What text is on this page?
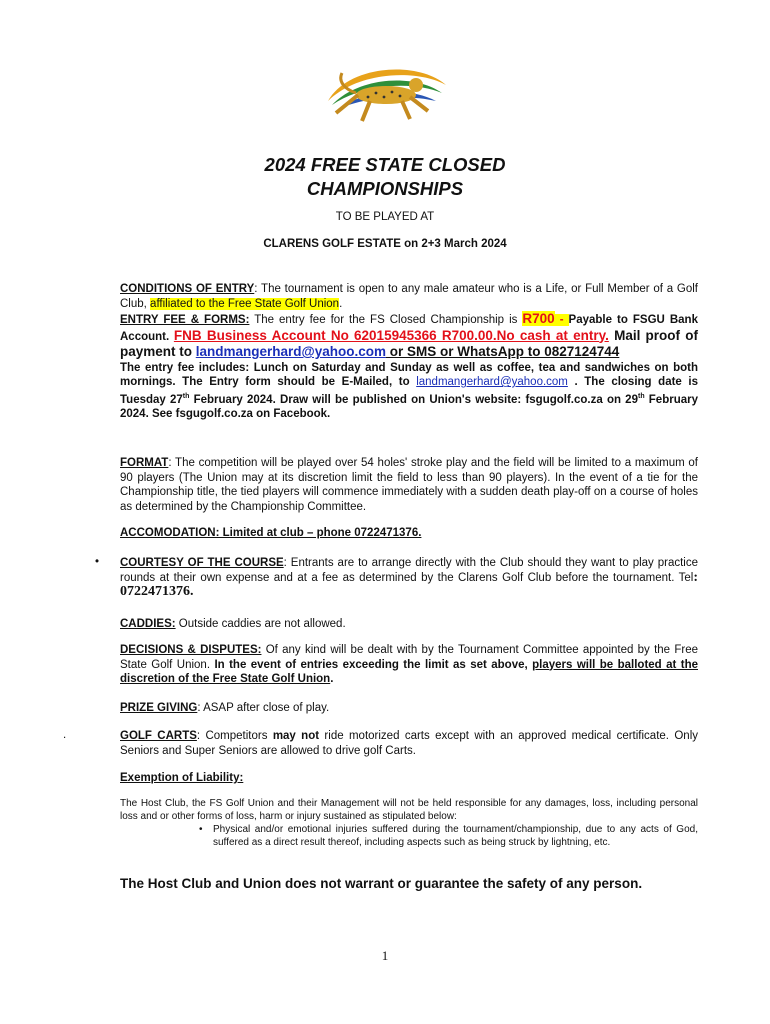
2024 FREE STATE CLOSED
CHAMPIONSHIPS
TO BE PLAYED AT
CLARENS GOLF ESTATE on 2+3 March 2024
CONDITIONS OF ENTRY: The tournament is open to any male amateur who is a Life, or Full Member of a Golf Club, affiliated to the Free State Golf Union.
ENTRY FEE & FORMS: The entry fee for the FS Closed Championship is R700 - Payable to FSGU Bank Account. FNB Business Account No 62015945366 R700.00.No cash at entry. Mail proof of payment to landmangerhard@yahoo.com or SMS or WhatsApp to 0827124744
The entry fee includes: Lunch on Saturday and Sunday as well as coffee, tea and sandwiches on both mornings. The Entry form should be E-Mailed, to landmangerhard@yahoo.com . The closing date is Tuesday 27th February 2024. Draw will be published on Union's website: fsgugolf.co.za on 29th February 2024. See fsgugolf.co.za on Facebook.
FORMAT: The competition will be played over 54 holes' stroke play and the field will be limited to a maximum of 90 players (The Union may at its discretion limit the field to less than 90 players). In the event of a tie for the Championship title, the tied players will commence immediately with a sudden death play-off on a course of holes as determined by the Championship Committee.
ACCOMODATION: Limited at club – phone 0722471376.
• COURTESY OF THE COURSE: Entrants are to arrange directly with the Club should they want to play practice rounds at their own expense and at a fee as determined by the Clarens Golf Club before the tournament. Tel: 0722471376.
CADDIES: Outside caddies are not allowed.
DECISIONS & DISPUTES: Of any kind will be dealt with by the Tournament Committee appointed by the Free State Golf Union. In the event of entries exceeding the limit as set above, players will be balloted at the discretion of the Free State Golf Union.
PRIZE GIVING: ASAP after close of play.
.	GOLF CARTS: Competitors may not ride motorized carts except with an approved medical certificate. Only Seniors and Super Seniors are allowed to drive golf Carts.
Exemption of Liability:
The Host Club, the FS Golf Union and their Management will not be held responsible for any damages, loss, including personal loss and or other forms of loss, harm or injury sustained as stipulated below:
• Physical and/or emotional injuries suffered during the tournament/championship, due to any acts of God, suffered as a direct result thereof, including aspects such as being struck by lightning, etc.
The Host Club and Union does not warrant or guarantee the safety of any person.
1
